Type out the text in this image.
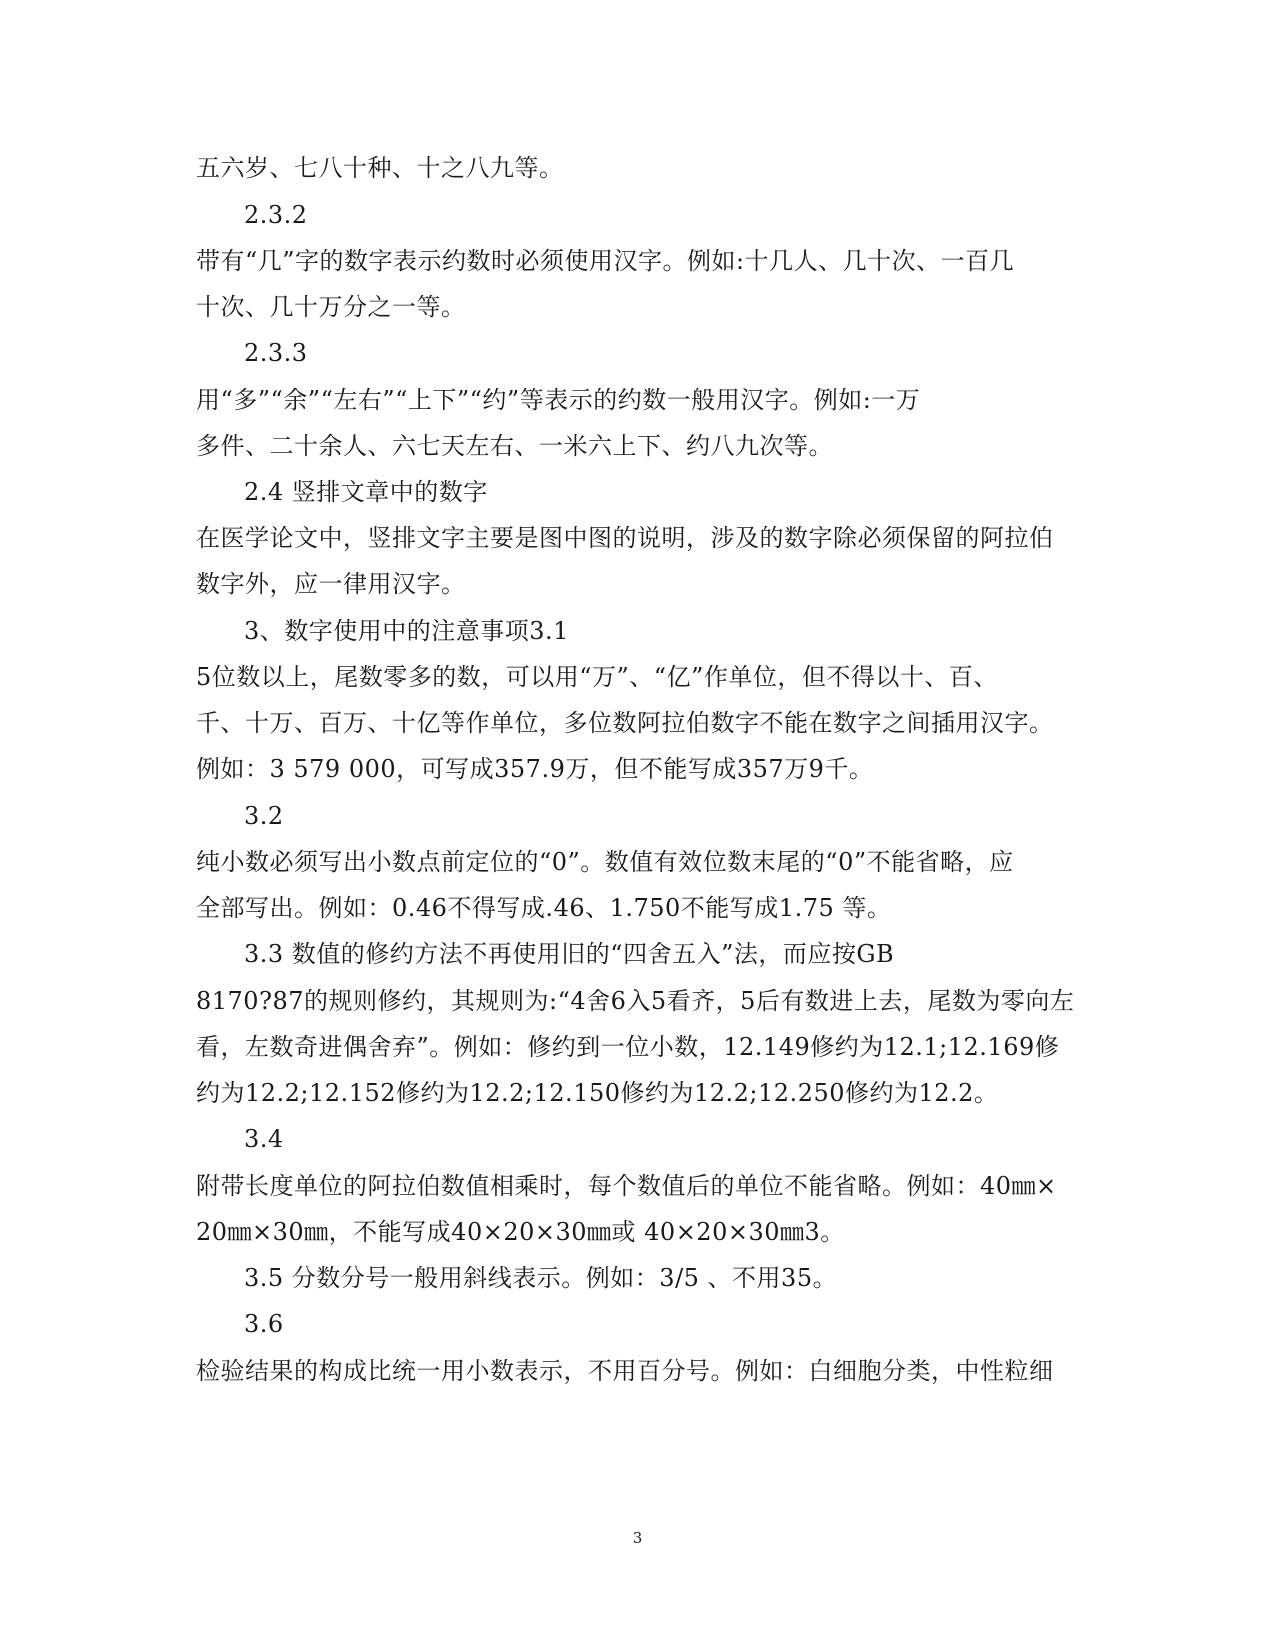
五六岁、七八十种、十之八九等。
2.3.2
带有“几”字的数字表示约数时必须使用汉字。例如:十几人、几十次、一百几
十次、几十万分之一等。
2.3.3
用“多”“余”“左右”“上下”“约”等表示的约数一般用汉字。例如:一万
多件、二十余人、六七天左右、一米六上下、约八九次等。
2.4 竖排文章中的数字
在医学论文中，竖排文字主要是图中图的说明，涉及的数字除必须保留的阿拉伯
数字外，应一律用汉字。
3、数字使用中的注意事项3.1
5位数以上，尾数零多的数，可以用“万”、“亿”作单位，但不得以十、百、
千、十万、百万、十亿等作单位，多位数阿拉伯数字不能在数字之间插用汉字。
例如：3 579 000，可写成357.9万，但不能写成357万9千。
3.2
纯小数必须写出小数点前定位的“0”。数值有效位数末尾的“0”不能省略，应
全部写出。例如：0.46不得写成.46、1.750不能写成1.75 等。
3.3 数值的修约方法不再使用旧的“四舍五入”法，而应按GB
8170?87的规则修约，其规则为:“4舍6入5看齐，5后有数进上去，尾数为零向左
看，左数奇进偶舍弃”。例如：修约到一位小数，12.149修约为12.1;12.169修
约为12.2;12.152修约为12.2;12.150修约为12.2;12.250修约为12.2。
3.4
附带长度单位的阿拉伯数值相乘时，每个数值后的单位不能省略。例如：40㎜×
20㎜×30㎜，不能写成40×20×30㎜或 40×20×30㎜3。
3.5 分数分号一般用斜线表示。例如：3/5 、不用35。
3.6
检验结果的构成比统一用小数表示，不用百分号。例如：白细胞分类，中性粒细
3
